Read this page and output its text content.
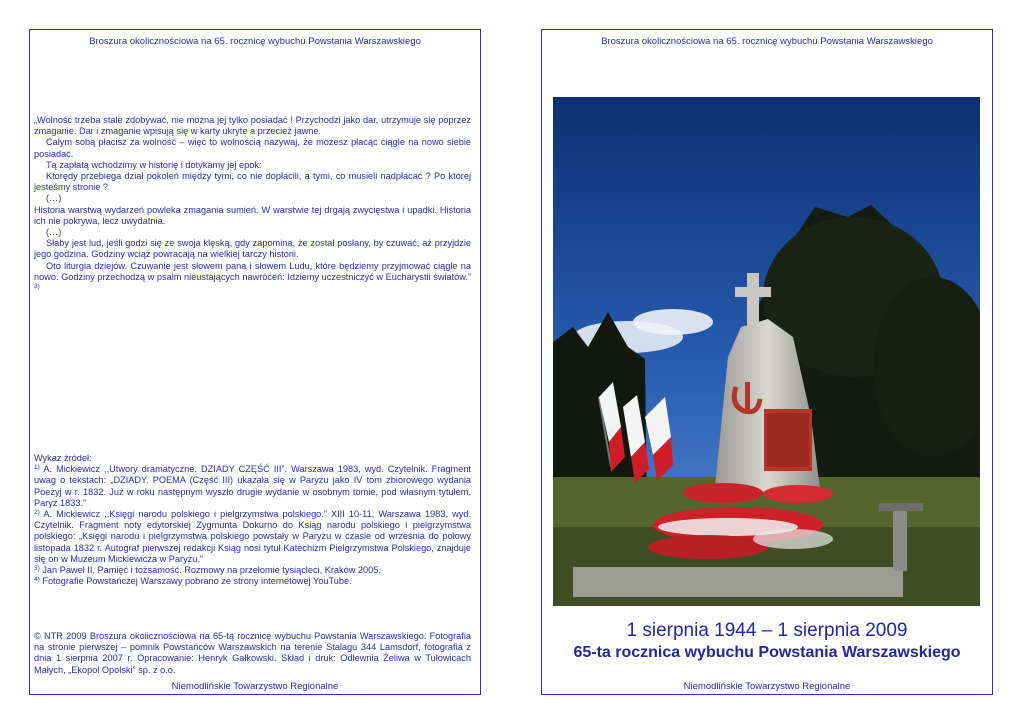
Broszura okolicznościowa na 65. rocznicę wybuchu Powstania Warszawskiego

„Wolność trzeba stale zdobywać, nie można jej tylko posiadać ! Przychodzi jako dar, utrzymuje się poprzez zmaganie. Dar i zmaganie wpisują się w karty ukryte a przecież jawne.

Całym sobą płacisz za wolność – więc to wolnością nazywaj, że możesz płacąc ciągle na nowo siebie posiadać.

Tą zapłatą wchodzimy w historię i dotykamy jej epok:

Ktorędy przebiega dział pokoleń między tymi, co nie dopłacili, a tymi, co musieli nadpłacać ? Po której jesteśmy stronie ?

(…)

Historia warstwą wydarzeń powleka zmagania sumień. W warstwie tej drgają zwycięstwa i upadki. Historia ich nie pokrywa, lecz uwydatnia.

(…)

Słaby jest lud, jeśli godzi się ze swoja klęską, gdy zapomina, że został posłany, by czuwać, aż przyjdzie jego godzina. Godziny wciąż powracają na wielkiej tarczy historii.

Oto liturgia dziejów. Czuwanie jest słowem pana i słowem Ludu, które będziemy przyjmować ciągle na nowo. Godziny przechodzą w psalm nieustających nawróceń: Idziemy uczestniczyć w Eucharystii światów.” $^{3)}$

Wykaz źródeł:

$^{1)}$ A. Mickiewicz ,,Utwory dramatyczne. DZIADY CZĘŚĆ III”. Warszawa 1983, wyd. Czytelnik. Fragment uwag o tekstach: „DZIADY. POEMA (Część III) ukazała się w Paryżu jako IV tom zbiorowego wydania Poezyj w r. 1832. Już w roku następnym wyszło drugie wydanie w osobnym tomie, pod własnym tytułem, Paryż 1833.”

$^{2)}$ A. Mickiewicz ,,Księgi narodu polskiego i pielgrzymstwa polskiego.” XIII 10-11, Warszawa 1983, wyd. Czytelnik. Fragment noty edytorskiej Zygmunta Dokurno do Ksiąg narodu polskiego i pielgrzymstwa polskiego: „Księgi narodu i pielgrzymstwa polskiego powstały w Paryżu w czasie od września do połowy listopada 1832 r. Autograf pierwszej redakcji Ksiąg nosi tytuł Katechizm Pielgrzymstwa Polskiego, znajduje się on w Muzeum Mickiewicza w Paryżu.”

$^{3)}$ Jan Paweł II, Pamięć i tożsamość. Rozmowy na przełomie tysiącleci, Kraków 2005.

$^{4)}$ Fotografie Powstańczej Warszawy pobrano ze strony internetowej YouTube.

© NTR 2009 Broszura okolicznościowa na 65-tą rocznicę wybuchu Powstania Warszawskiego. Fotografia na stronie pierwszej – pomnik Powstańców Warszawskich na terenie Stalagu 344 Lamsdorf, fotografia z dnia 1 sierpnia 2007 r. Opracowanie: Henryk Gałkowski. Skład i druk: Odlewnia Żeliwa w Tułowicach Małych, „Ekopol Opolski” sp. z o.o.
Niemodlińskie Towarzystwo Regionalne
Broszura okolicznościowa na 65. rocznicę wybuchu Powstania Warszawskiego
1 sierpnia 1944 – 1 sierpnia 2009
65-ta rocznica wybuchu Powstania Warszawskiego
Niemodlińskie Towarzystwo Regionalne
